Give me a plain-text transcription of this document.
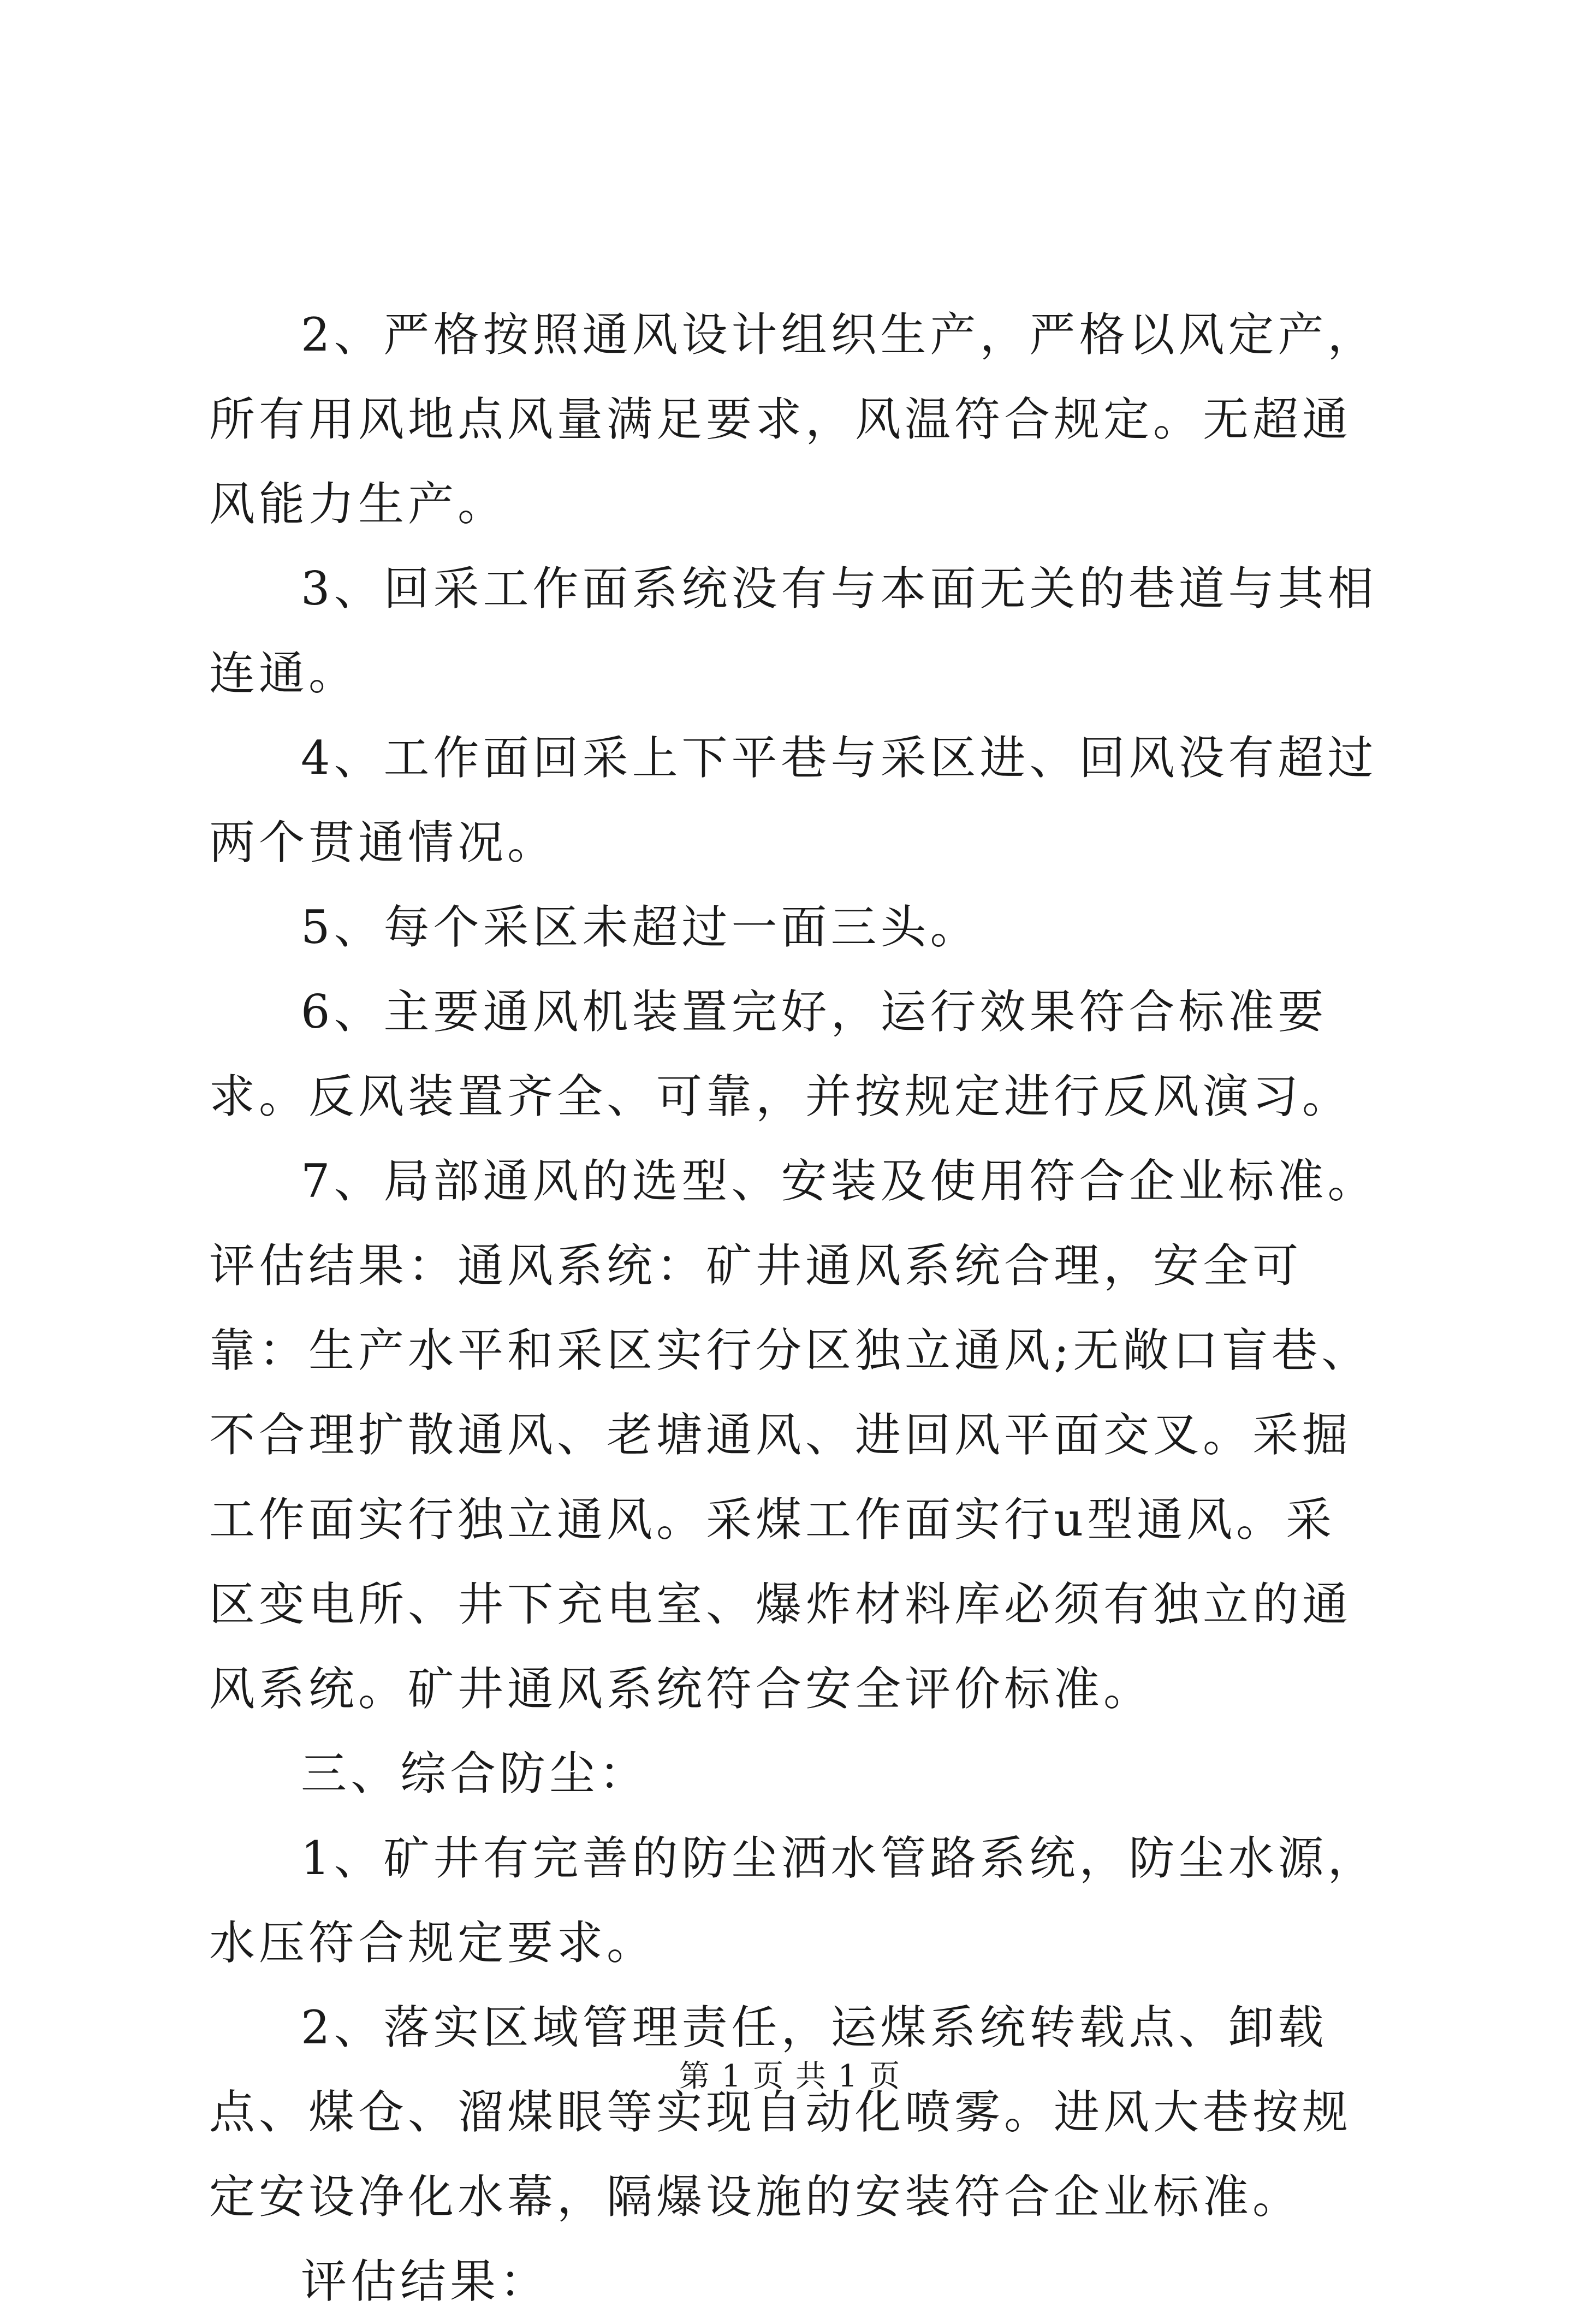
2、严格按照通风设计组织生产，严格以风定产，所有用风地点风量满足要求，风温符合规定。无超通风能力生产。

3、回采工作面系统没有与本面无关的巷道与其相连通。

4、工作面回采上下平巷与采区进、回风没有超过两个贯通情况。

5、每个采区未超过一面三头。

6、主要通风机装置完好，运行效果符合标准要求。反风装置齐全、可靠，并按规定进行反风演习。

7、局部通风的选型、安装及使用符合企业标准。评估结果：通风系统：矿井通风系统合理，安全可靠：生产水平和采区实行分区独立通风;无敞口盲巷、不合理扩散通风、老塘通风、进回风平面交叉。采掘工作面实行独立通风。采煤工作面实行u型通风。采区变电所、井下充电室、爆炸材料库必须有独立的通风系统。矿井通风系统符合安全评价标准。

三、综合防尘：

1、矿井有完善的防尘洒水管路系统，防尘水源，水压符合规定要求。

2、落实区域管理责任，运煤系统转载点、卸载点、煤仓、溜煤眼等实现自动化喷雾。进风大巷按规定安设净化水幕，隔爆设施的安装符合企业标准。

评估结果：

第 1 页 共 1 页
